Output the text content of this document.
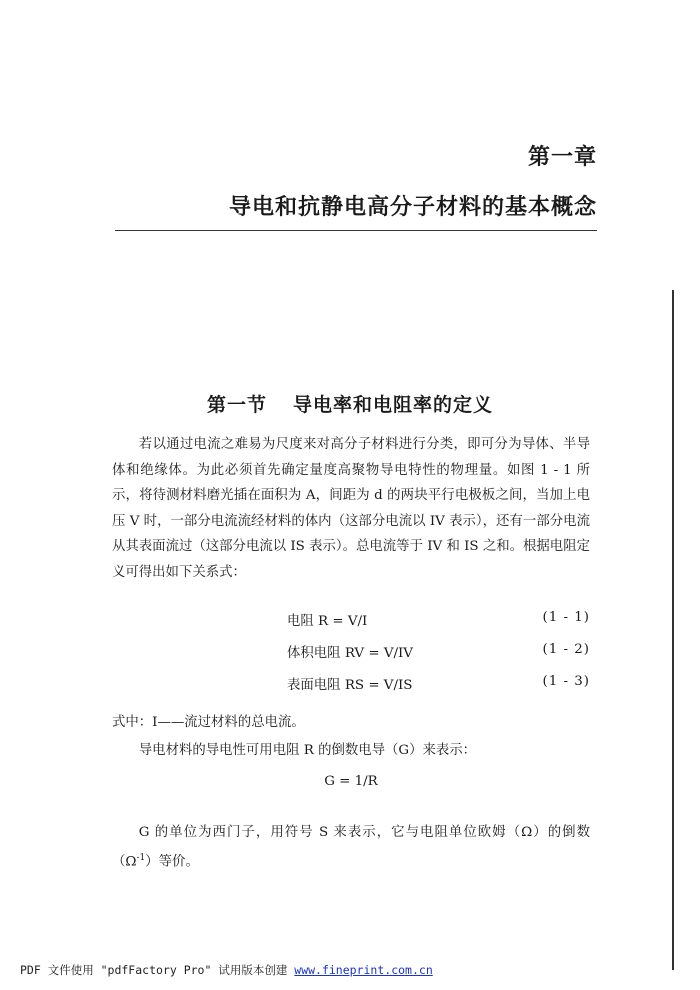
第一章
导电和抗静电高分子材料的基本概念
第一节 导电率和电阻率的定义

若以通过电流之难易为尺度来对高分子材料进行分类，即可分为导体、半导体和绝缘体。为此必须首先确定量度高聚物导电特性的物理量。如图 1 - 1 所示，将待测材料磨光插在面积为 A，间距为 d 的两块平行电极板之间，当加上电压 V 时，一部分电流流经材料的体内（这部分电流以 IV 表示），还有一部分电流从其表面流过（这部分电流以 IS 表示）。总电流等于 IV 和 IS 之和。根据电阻定义可得出如下关系式：

电阻 R = V/I	(1 - 1)
体积电阻 RV = V/IV	(1 - 2)
表面电阻 RS = V/IS	(1 - 3)
式中：I——流过材料的总电流。
导电材料的导电性可用电阻 R 的倒数电导（G）来表示：
G = 1/R

G 的单位为西门子，用符号 S 来表示，它与电阻单位欧姆（Ω）的倒数$(\Omega^{-1})$等价。

PDF 文件使用 "pdfFactory Pro" 试用版本创建 www.fineprint.com.cn
